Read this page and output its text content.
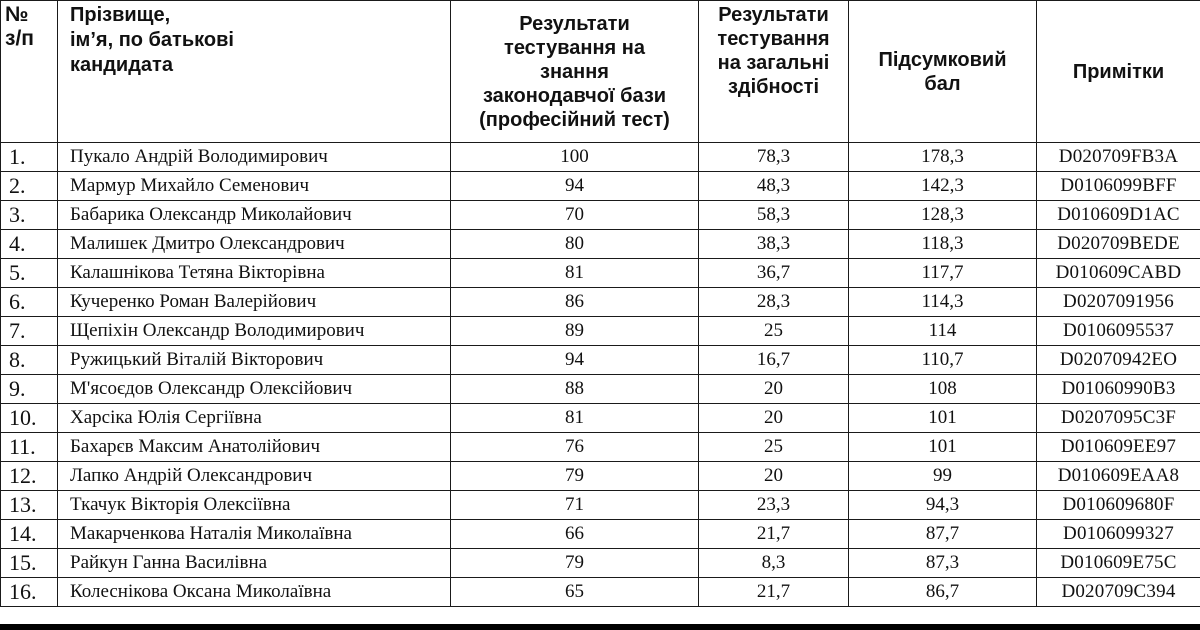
№
з/п	Прізвище,
ім’я, по батькові
кандидата	Результати
тестування на
знання
законодавчої бази
(професійний тест)	Результати
тестування
на загальні
здібності	Підсумковий
бал	Примітки

1.	Пукало Андрій Володимирович	100	78,3	178,3	D020709FB3A
2.	Мармур Михайло Семенович	94	48,3	142,3	D0106099BFF
3.	Бабарика Олександр Миколайович	70	58,3	128,3	D010609D1AC
4.	Малишек Дмитро Олександрович	80	38,3	118,3	D020709BEDE
5.	Калашнікова Тетяна Вікторівна	81	36,7	117,7	D010609CABD
6.	Кучеренко Роман Валерійович	86	28,3	114,3	D0207091956
7.	Щепіхін Олександр Володимирович	89	25	114	D0106095537
8.	Ружицький Віталій Вікторович	94	16,7	110,7	D02070942EO
9.	М'ясоєдов Олександр Олексійович	88	20	108	D01060990B3
10.	Харсіка Юлія Сергіївна	81	20	101	D0207095C3F
11.	Бахарєв Максим Анатолійович	76	25	101	D010609EE97
12.	Лапко Андрій Олександрович	79	20	99	D010609EAA8
13.	Ткачук Вікторія Олексіївна	71	23,3	94,3	D010609680F
14.	Макарченкова Наталія Миколаївна	66	21,7	87,7	D0106099327
15.	Райкун Ганна Василівна	79	8,3	87,3	D010609E75C
16.	Колеснікова Оксана Миколаївна	65	21,7	86,7	D020709C394
